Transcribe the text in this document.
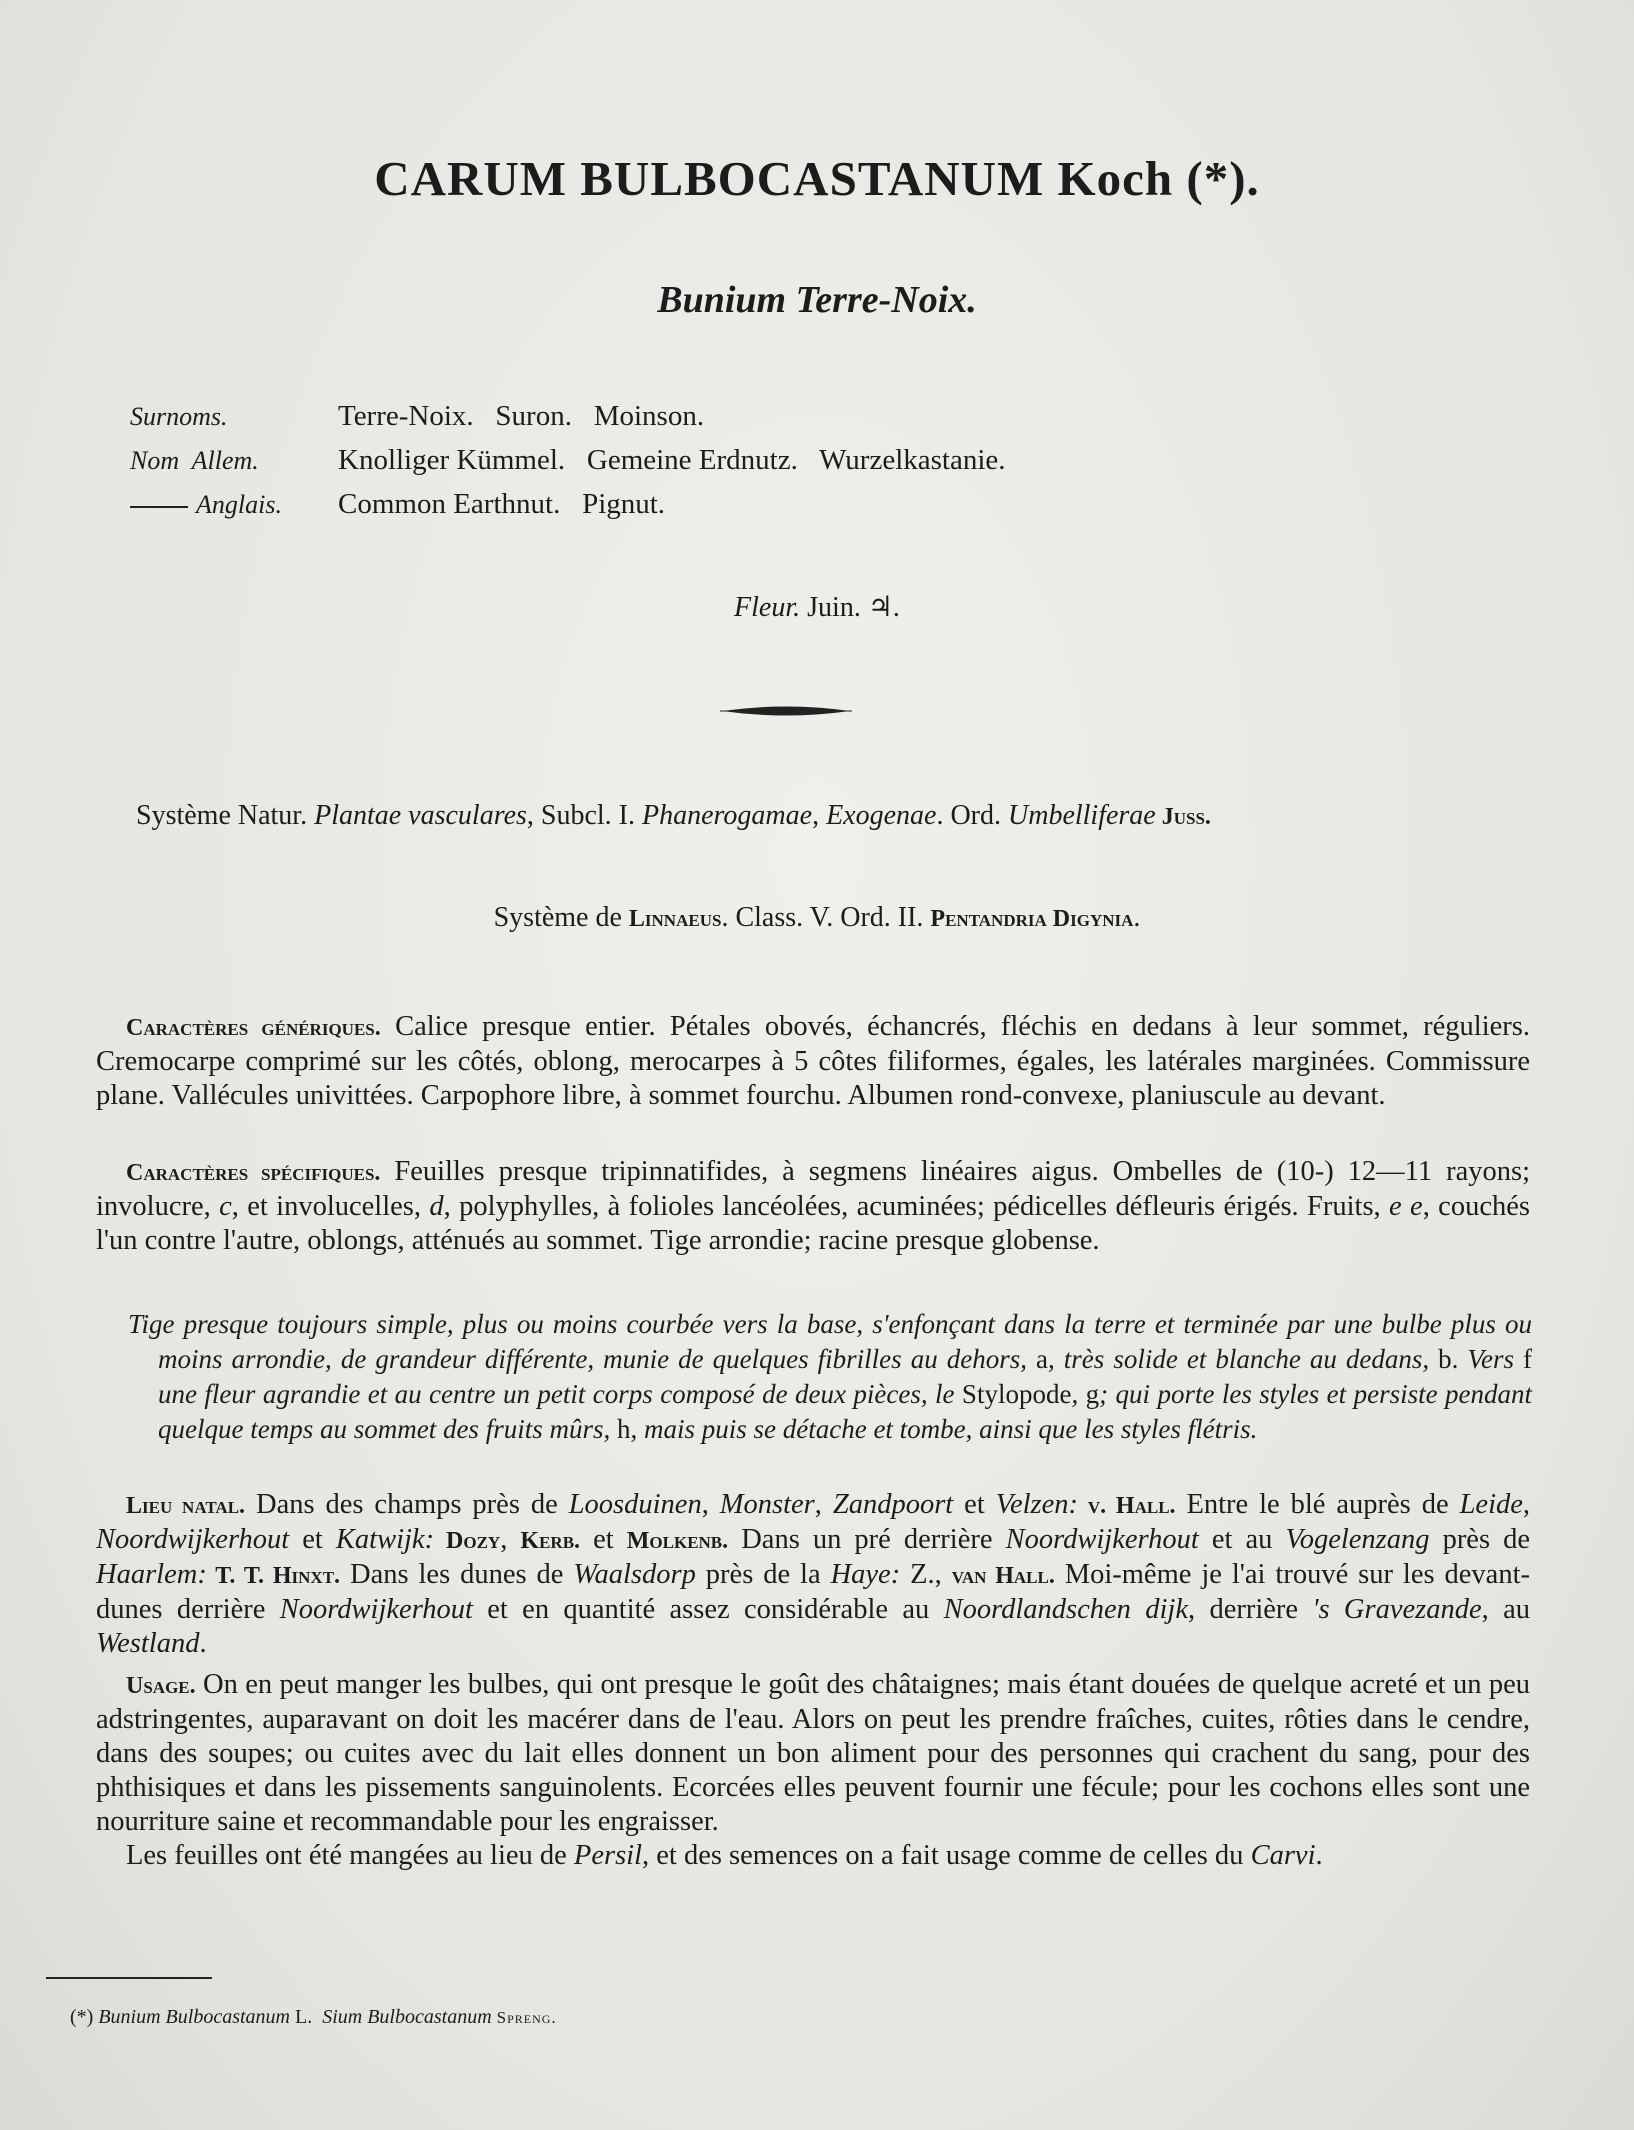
CARUM BULBOCASTANUM Koch (*).
Bunium Terre-Noix.
Surnoms.	Terre-Noix.   Suron.   Moinson.
Nom  Allem.	Knolliger Kümmel.   Gemeine Erdnutz.   Wurzelkastanie.
Anglais. Common Earthnut.   Pignut.
Fleur. Juin. ♃.
Système Natur. Plantae vasculares, Subcl. I. Phanerogamae, Exogenae. Ord. Umbelliferae Juss.
Système de Linnaeus. Class. V. Ord. II. Pentandria Digynia.

Caractères génériques. Calice presque entier. Pétales obovés, échancrés, fléchis en dedans à leur sommet, réguliers. Cremocarpe comprimé sur les côtés, oblong, merocarpes à 5 côtes filiformes, égales, les latérales marginées. Commissure plane. Vallécules univittées. Carpophore libre, à sommet fourchu. Albumen rond-convexe, planiuscule au devant.

Caractères spécifiques. Feuilles presque tripinnatifides, à segmens linéaires aigus. Ombelles de (10-) 12—11 rayons; involucre, c, et involucelles, d, polyphylles, à folioles lancéolées, acuminées; pédicelles défleuris érigés. Fruits, e e, couchés l'un contre l'autre, oblongs, atténués au sommet. Tige arrondie; racine presque globense.

Tige presque toujours simple, plus ou moins courbée vers la base, s'enfonçant dans la terre et terminée par une bulbe plus ou moins arrondie, de grandeur différente, munie de quelques fibrilles au dehors, a, très solide et blanche au dedans, b. Vers f une fleur agrandie et au centre un petit corps composé de deux pièces, le Stylopode, g; qui porte les styles et persiste pendant quelque temps au sommet des fruits mûrs, h, mais puis se détache et tombe, ainsi que les styles flétris.

Lieu natal. Dans des champs près de Loosduinen, Monster, Zandpoort et Velzen: v. Hall. Entre le blé auprès de Leide, Noordwijkerhout et Katwijk: Dozy, Kerb. et Molkenb. Dans un pré derrière Noordwijkerhout et au Vogelenzang près de Haarlem: T. T. Hinxt. Dans les dunes de Waalsdorp près de la Haye: Z., van Hall. Moi-même je l'ai trouvé sur les devant-dunes derrière Noordwijkerhout et en quantité assez considérable au Noordlandschen dijk, derrière 's Gravezande, au Westland.

Usage. On en peut manger les bulbes, qui ont presque le goût des châtaignes; mais étant douées de quelque acreté et un peu adstringentes, auparavant on doit les macérer dans de l'eau. Alors on peut les prendre fraîches, cuites, rôties dans le cendre, dans des soupes; ou cuites avec du lait elles donnent un bon aliment pour des personnes qui crachent du sang, pour des phthisiques et dans les pissements sanguinolents. Ecorcées elles peuvent fournir une fécule; pour les cochons elles sont une nourriture saine et recommandable pour les engraisser.

Les feuilles ont été mangées au lieu de Persil, et des semences on a fait usage comme de celles du Carvi.

(*) Bunium Bulbocastanum L.  Sium Bulbocastanum Spreng.
